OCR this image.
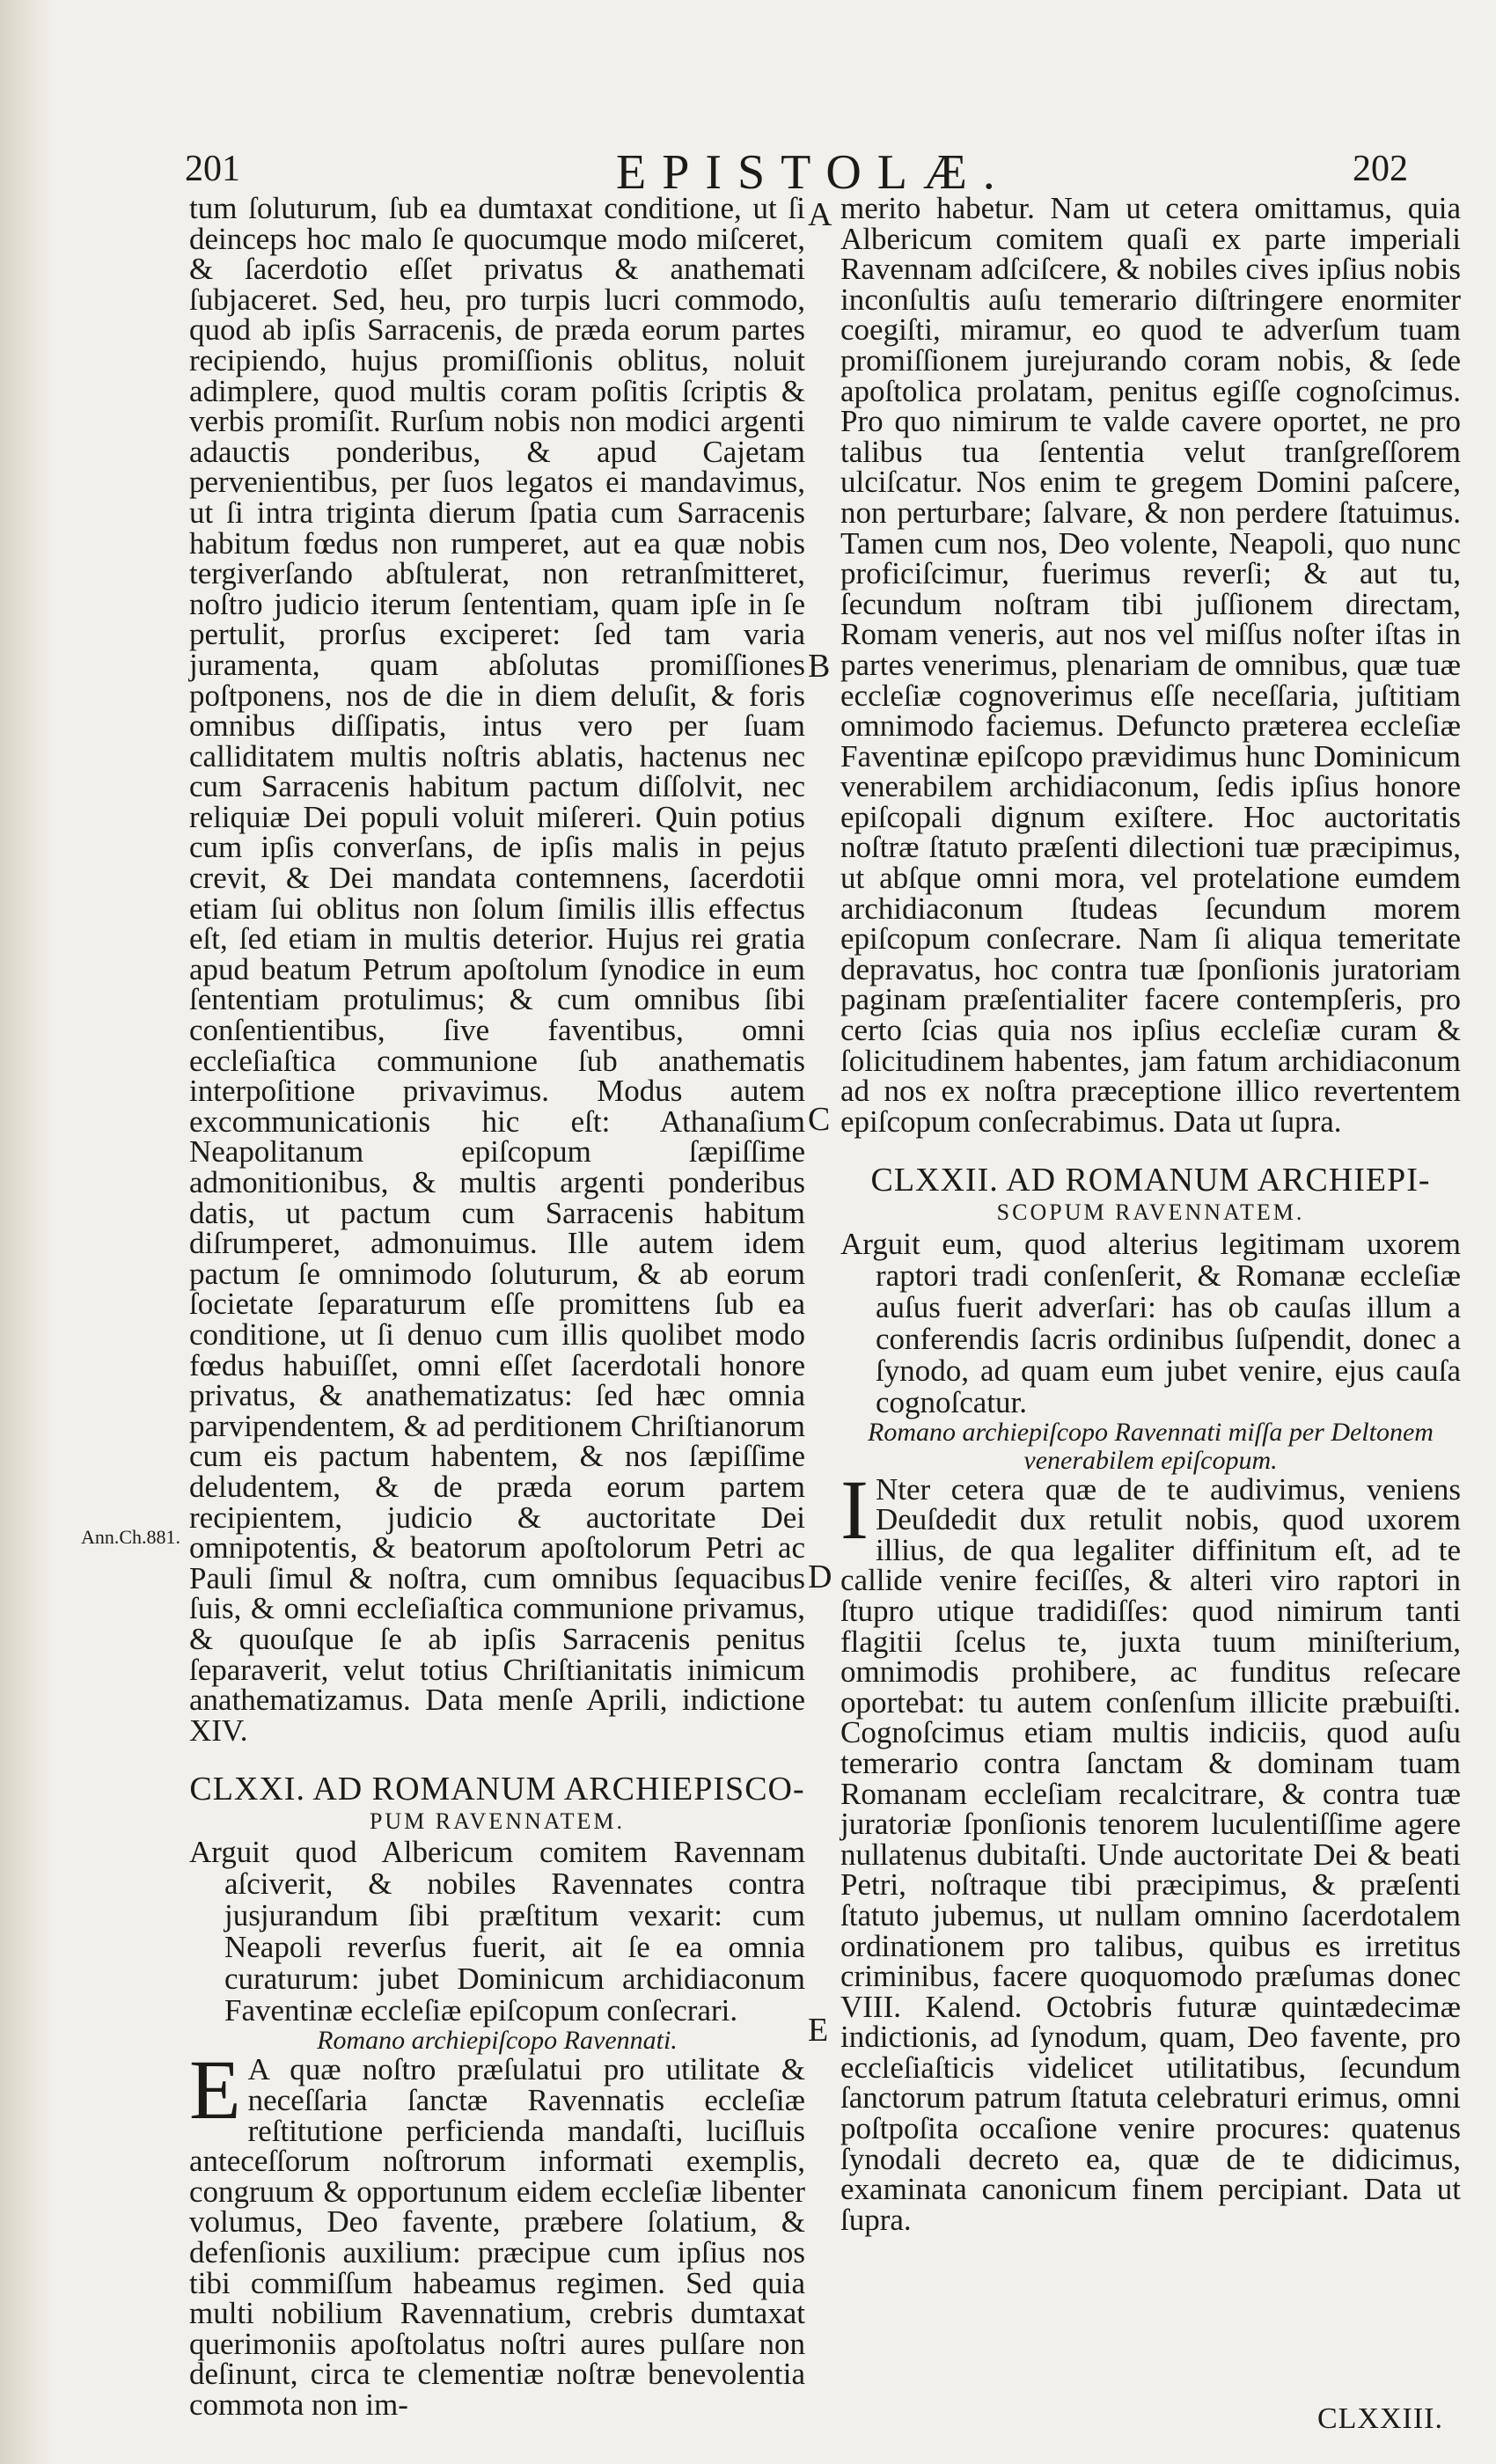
201	EPISTOLÆ.	202
A
B
C
D
E
Ann.Ch.881.

tum ſoluturum, ſub ea dumtaxat conditione, ut ſi deinceps hoc malo ſe quocumque modo miſceret, & ſacerdotio eſſet privatus & anathemati ſubjaceret. Sed, heu, pro turpis lucri commodo, quod ab ipſis Sarracenis, de præda eorum partes recipiendo, hujus promiſſionis oblitus, noluit adimplere, quod multis coram poſitis ſcriptis & verbis promiſit. Rurſum nobis non modici argenti adauctis ponderibus, & apud Cajetam pervenientibus, per ſuos legatos ei mandavimus, ut ſi intra triginta dierum ſpatia cum Sarracenis habitum fœdus non rumperet, aut ea quæ nobis tergiverſando abſtulerat, non retranſmitteret, noſtro judicio iterum ſententiam, quam ipſe in ſe pertulit, prorſus exciperet: ſed tam varia juramenta, quam abſolutas promiſſiones poſtponens, nos de die in diem deluſit, & foris omnibus diſſipatis, intus vero per ſuam calliditatem multis noſtris ablatis, hactenus nec cum Sarracenis habitum pactum diſſolvit, nec reliquiæ Dei populi voluit miſereri. Quin potius cum ipſis converſans, de ipſis malis in pejus crevit, & Dei mandata contemnens, ſacerdotii etiam ſui oblitus non ſolum ſimilis illis effectus eſt, ſed etiam in multis deterior. Hujus rei gratia apud beatum Petrum apoſtolum ſynodice in eum ſententiam protulimus; & cum omnibus ſibi conſentientibus, ſive faventibus, omni eccleſiaſtica communione ſub anathematis interpoſitione privavimus. Modus autem excommunicationis hic eſt: Athanaſium Neapolitanum epiſcopum ſæpiſſime admonitionibus, & multis argenti ponderibus datis, ut pactum cum Sarracenis habitum diſrumperet, admonuimus. Ille autem idem pactum ſe omnimodo ſoluturum, & ab eorum ſocietate ſeparaturum eſſe promittens ſub ea conditione, ut ſi denuo cum illis quolibet modo fœdus habuiſſet, omni eſſet ſacerdotali honore privatus, & anathematizatus: ſed hæc omnia parvipendentem, & ad perditionem Chriſtianorum cum eis pactum habentem, & nos ſæpiſſime deludentem, & de præda eorum partem recipientem, judicio & auctoritate Dei omnipotentis, & beatorum apoſtolorum Petri ac Pauli ſimul & noſtra, cum omnibus ſequacibus ſuis, & omni eccleſiaſtica communione privamus, & quouſque ſe ab ipſis Sarracenis penitus ſeparaverit, velut totius Chriſtianitatis inimicum anathematizamus. Data menſe Aprili, indictione XIV.

CLXXI. AD ROMANUM ARCHIEPISCO-
PUM RAVENNATEM.

Arguit quod Albericum comitem Ravennam aſciverit, & nobiles Ravennates contra jusjurandum ſibi præſtitum vexarit: cum Neapoli reverſus fuerit, ait ſe ea omnia curaturum: jubet Dominicum archidiaconum Faventinæ eccleſiæ epiſcopum conſecrari.

Romano archiepiſcopo Ravennati.

EA quæ noſtro præſulatui pro utilitate & neceſſaria ſanctæ Ravennatis eccleſiæ reſtitutione perficienda mandaſti, luciſluis anteceſſorum noſtrorum informati exemplis, congruum & opportunum eidem eccleſiæ libenter volumus, Deo favente, præbere ſolatium, & defenſionis auxilium: præcipue cum ipſius nos tibi commiſſum habeamus regimen. Sed quia multi nobilium Ravennatium, crebris dumtaxat querimoniis apoſtolatus noſtri aures pulſare non deſinunt, circa te clementiæ noſtræ benevolentia commota non im-

merito habetur. Nam ut cetera omittamus, quia Albericum comitem quaſi ex parte imperiali Ravennam adſciſcere, & nobiles cives ipſius nobis inconſultis auſu temerario diſtringere enormiter coegiſti, miramur, eo quod te adverſum tuam promiſſionem jurejurando coram nobis, & ſede apoſtolica prolatam, penitus egiſſe cognoſcimus. Pro quo nimirum te valde cavere oportet, ne pro talibus tua ſententia velut tranſgreſſorem ulciſcatur. Nos enim te gregem Domini paſcere, non perturbare; ſalvare, & non perdere ſtatuimus. Tamen cum nos, Deo volente, Neapoli, quo nunc proficiſcimur, fuerimus reverſi; & aut tu, ſecundum noſtram tibi juſſionem directam, Romam veneris, aut nos vel miſſus noſter iſtas in partes venerimus, plenariam de omnibus, quæ tuæ eccleſiæ cognoverimus eſſe neceſſaria, juſtitiam omnimodo faciemus. Defuncto præterea eccleſiæ Faventinæ epiſcopo prævidimus hunc Dominicum venerabilem archidiaconum, ſedis ipſius honore epiſcopali dignum exiſtere. Hoc auctoritatis noſtræ ſtatuto præſenti dilectioni tuæ præcipimus, ut abſque omni mora, vel protelatione eumdem archidiaconum ſtudeas ſecundum morem epiſcopum conſecrare. Nam ſi aliqua temeritate depravatus, hoc contra tuæ ſponſionis juratoriam paginam præſentialiter facere contempſeris, pro certo ſcias quia nos ipſius eccleſiæ curam & ſolicitudinem habentes, jam fatum archidiaconum ad nos ex noſtra præceptione illico revertentem epiſcopum conſecrabimus. Data ut ſupra.

CLXXII. AD ROMANUM ARCHIEPI-
SCOPUM RAVENNATEM.

Arguit eum, quod alterius legitimam uxorem raptori tradi conſenſerit, & Romanæ eccleſiæ auſus fuerit adverſari: has ob cauſas illum a conferendis ſacris ordinibus ſuſpendit, donec a ſynodo, ad quam eum jubet venire, ejus cauſa cognoſcatur.

Romano archiepiſcopo Ravennati miſſa per Deltonem venerabilem epiſcopum.

INter cetera quæ de te audivimus, veniens Deuſdedit dux retulit nobis, quod uxorem illius, de qua legaliter diffinitum eſt, ad te callide venire feciſſes, & alteri viro raptori in ſtupro utique tradidiſſes: quod nimirum tanti flagitii ſcelus te, juxta tuum miniſterium, omnimodis prohibere, ac funditus reſecare oportebat: tu autem conſenſum illicite præbuiſti. Cognoſcimus etiam multis indiciis, quod auſu temerario contra ſanctam & dominam tuam Romanam eccleſiam recalcitrare, & contra tuæ juratoriæ ſponſionis tenorem luculentiſſime agere nullatenus dubitaſti. Unde auctoritate Dei & beati Petri, noſtraque tibi præcipimus, & præſenti ſtatuto jubemus, ut nullam omnino ſacerdotalem ordinationem pro talibus, quibus es irretitus criminibus, facere quoquomodo præſumas donec VIII. Kalend. Octobris futuræ quintædecimæ indictionis, ad ſynodum, quam, Deo favente, pro eccleſiaſticis videlicet utilitatibus, ſecundum ſanctorum patrum ſtatuta celebraturi erimus, omni poſtpoſita occaſione venire procures: quatenus ſynodali decreto ea, quæ de te didicimus, examinata canonicum finem percipiant. Data ut ſupra.

CLXXIII.
